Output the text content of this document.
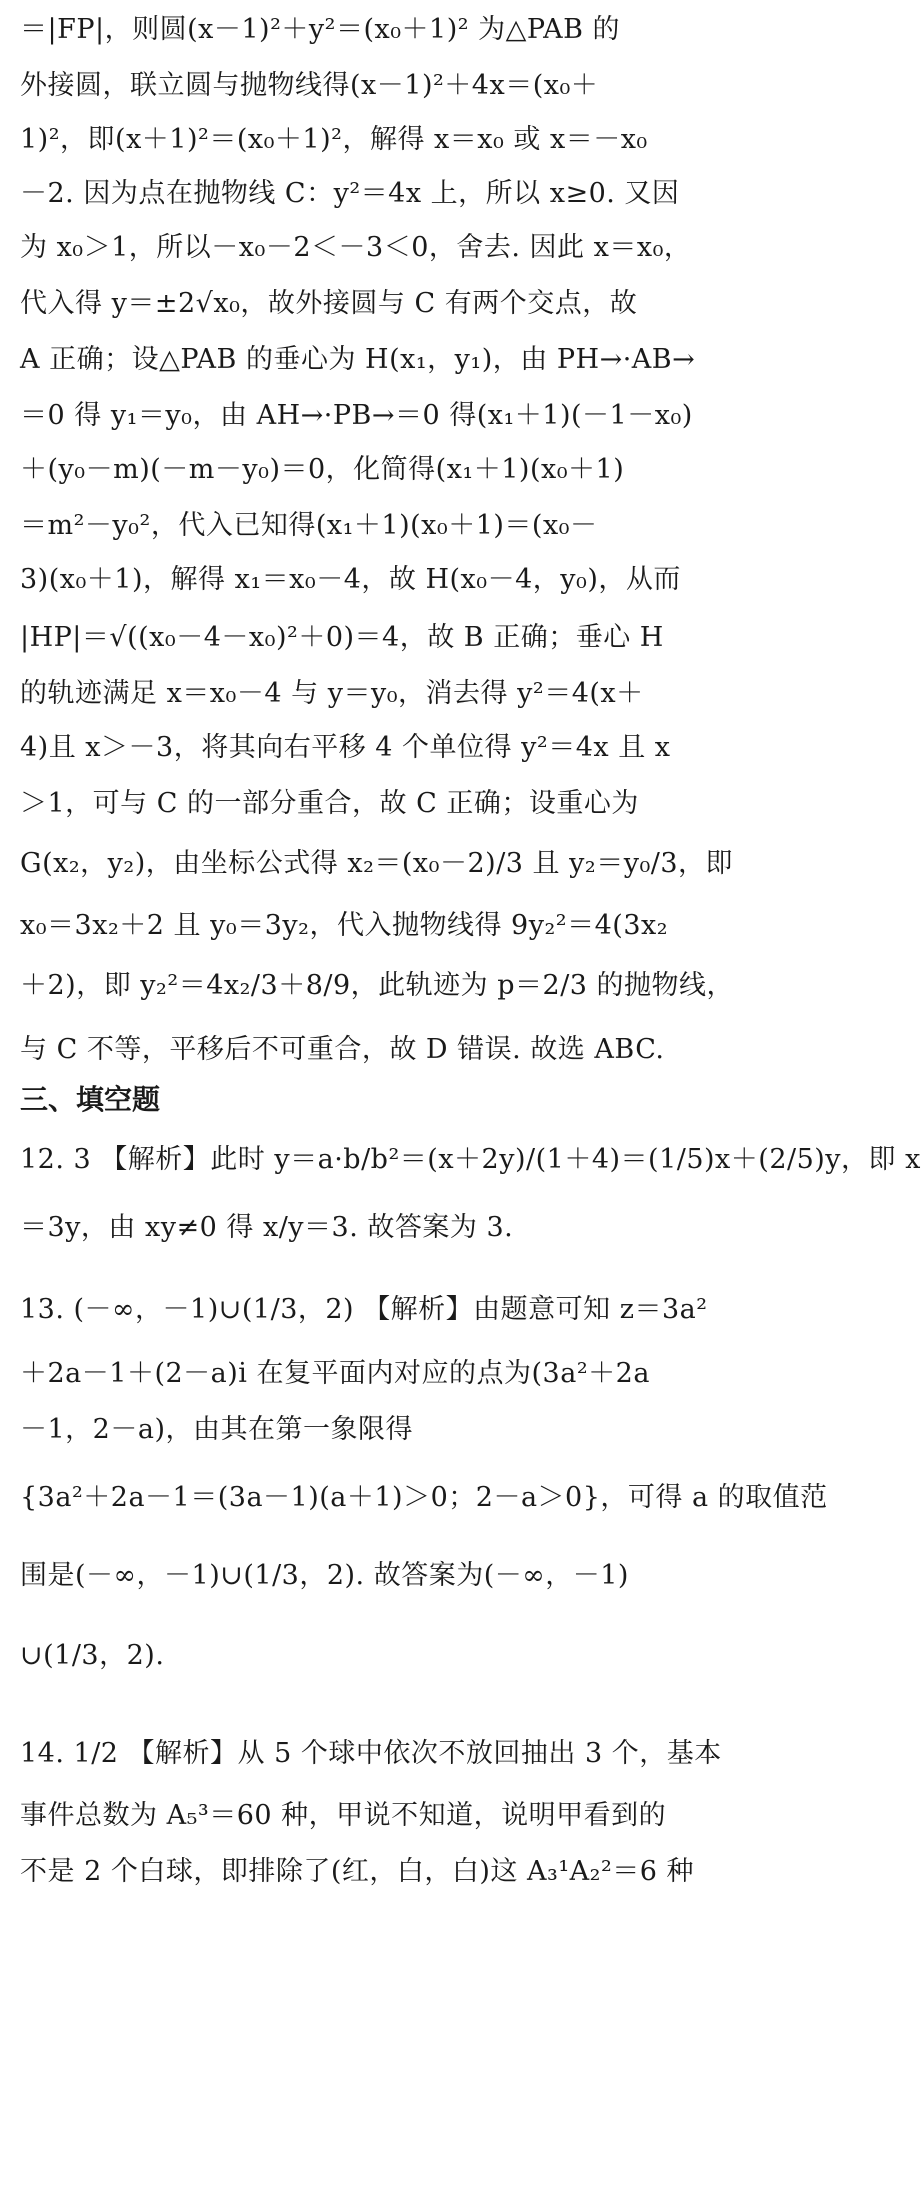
＝|FP|，则圆(x－1)²＋y²＝(x₀＋1)² 为△PAB 的
外接圆，联立圆与抛物线得(x－1)²＋4x＝(x₀＋
1)²，即(x＋1)²＝(x₀＋1)²，解得 x＝x₀ 或 x＝－x₀
－2. 因为点在抛物线 C：y²＝4x 上，所以 x≥0. 又因
为 x₀＞1，所以－x₀－2＜－3＜0，舍去. 因此 x＝x₀，
代入得 y＝±2√x₀，故外接圆与 C 有两个交点，故
A 正确；设△PAB 的垂心为 H(x₁，y₁)，由 PH→·AB→
＝0 得 y₁＝y₀，由 AH→·PB→＝0 得(x₁＋1)(－1－x₀)
＋(y₀－m)(－m－y₀)＝0，化简得(x₁＋1)(x₀＋1)
＝m²－y₀²，代入已知得(x₁＋1)(x₀＋1)＝(x₀－
3)(x₀＋1)，解得 x₁＝x₀－4，故 H(x₀－4，y₀)，从而
|HP|＝√((x₀－4－x₀)²＋0)＝4，故 B 正确；垂心 H
的轨迹满足 x＝x₀－4 与 y＝y₀，消去得 y²＝4(x＋
4)且 x＞－3，将其向右平移 4 个单位得 y²＝4x 且 x
＞1，可与 C 的一部分重合，故 C 正确；设重心为
G(x₂，y₂)，由坐标公式得 x₂＝(x₀－2)/3 且 y₂＝y₀/3，即
x₀＝3x₂＋2 且 y₀＝3y₂，代入抛物线得 9y₂²＝4(3x₂
＋2)，即 y₂²＝4x₂/3＋8/9，此轨迹为 p＝2/3 的抛物线，
与 C 不等，平移后不可重合，故 D 错误. 故选 ABC.
三、填空题
12. 3 【解析】此时 y＝a·b/b²＝(x＋2y)/(1＋4)＝(1/5)x＋(2/5)y，即 x
＝3y，由 xy≠0 得 x/y＝3. 故答案为 3.
13. (－∞，－1)∪(1/3，2) 【解析】由题意可知 z＝3a²
＋2a－1＋(2－a)i 在复平面内对应的点为(3a²＋2a
－1，2－a)，由其在第一象限得
{3a²＋2a－1＝(3a－1)(a＋1)＞0；2－a＞0}，可得 a 的取值范
围是(－∞，－1)∪(1/3，2). 故答案为(－∞，－1)
∪(1/3，2).
14. 1/2 【解析】从 5 个球中依次不放回抽出 3 个，基本
事件总数为 A₅³＝60 种，甲说不知道，说明甲看到的
不是 2 个白球，即排除了(红，白，白)这 A₃¹A₂²＝6 种
